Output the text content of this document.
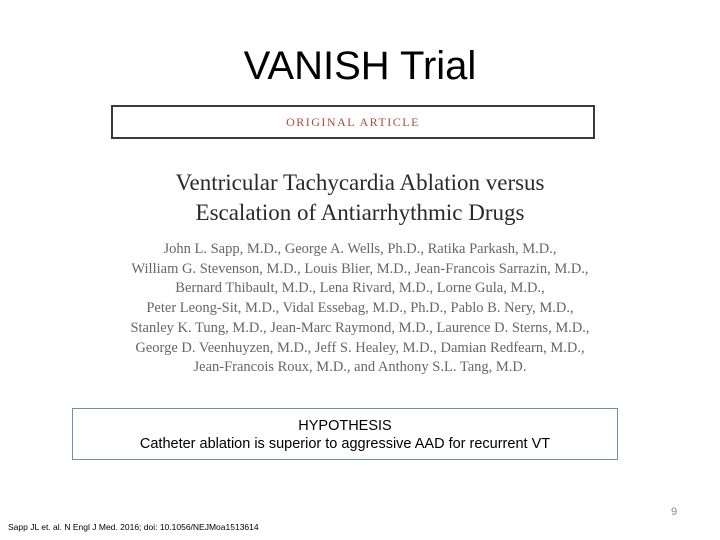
VANISH Trial
ORIGINAL ARTICLE
Ventricular Tachycardia Ablation versus
Escalation of Antiarrhythmic Drugs
John L. Sapp, M.D., George A. Wells, Ph.D., Ratika Parkash, M.D.,
William G. Stevenson, M.D., Louis Blier, M.D., Jean-Francois Sarrazin, M.D.,
Bernard Thibault, M.D., Lena Rivard, M.D., Lorne Gula, M.D.,
Peter Leong-Sit, M.D., Vidal Essebag, M.D., Ph.D., Pablo B. Nery, M.D.,
Stanley K. Tung, M.D., Jean-Marc Raymond, M.D., Laurence D. Sterns, M.D.,
George D. Veenhuyzen, M.D., Jeff S. Healey, M.D., Damian Redfearn, M.D.,
Jean-Francois Roux, M.D., and Anthony S.L. Tang, M.D.
HYPOTHESIS
Catheter ablation is superior to aggressive AAD for recurrent VT
9
Sapp JL et. al. N Engl J Med. 2016; doi: 10.1056/NEJMoa1513614
